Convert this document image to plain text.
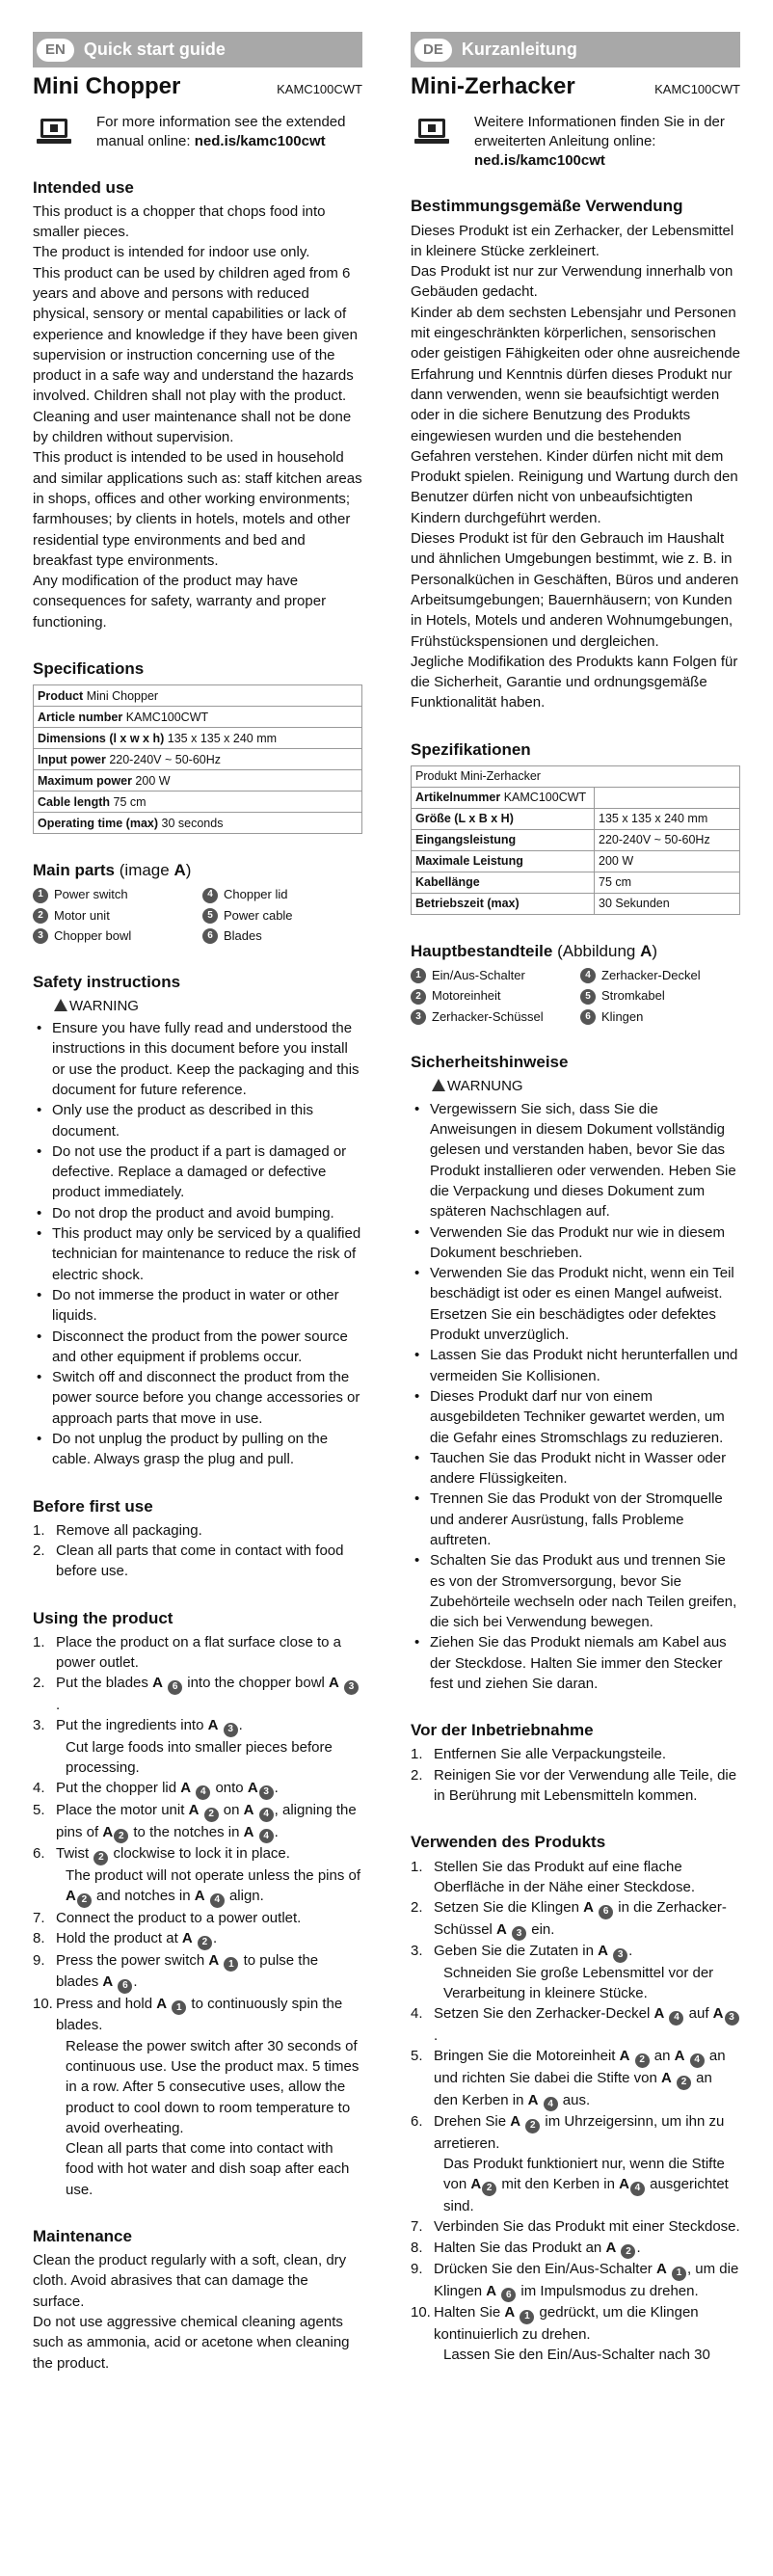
EN	Quick start guide
Mini Chopper	KAMC100CWT
For more information see the extended manual online: ned.is/kamc100cwt
Intended use

This product is a chopper that chops food into smaller pieces.

The product is intended for indoor use only.

This product can be used by children aged from 6 years and above and persons with reduced physical, sensory or mental capabilities or lack of experience and knowledge if they have been given supervision or instruction concerning use of the product in a safe way and understand the hazards involved. Children shall not play with the product. Cleaning and user maintenance shall not be done by children without supervision.

This product is intended to be used in household and similar applications such as: staff kitchen areas in shops, offices and other working environments; farmhouses; by clients in hotels, motels and other residential type environments and bed and breakfast type environments.

Any modification of the product may have consequences for safety, warranty and proper functioning.

Specifications
Product Mini Chopper
Article number KAMC100CWT
Dimensions (l x w x h) 135 x 135 x 240 mm
Input power 220-240V ~ 50-60Hz
Maximum power 200 W
Cable length 75 cm
Operating time (max) 30 seconds
Main parts (image A)
1 Power switch	4 Chopper lid
2 Motor unit	5 Power cable
3 Chopper bowl	6 Blades
Safety instructions
WARNING
• Ensure you have fully read and understood the instructions in this document before you install or use the product. Keep the packaging and this document for future reference.
• Only use the product as described in this document.
• Do not use the product if a part is damaged or defective. Replace a damaged or defective product immediately.
• Do not drop the product and avoid bumping.
• This product may only be serviced by a qualified technician for maintenance to reduce the risk of electric shock.
• Do not immerse the product in water or other liquids.
• Disconnect the product from the power source and other equipment if problems occur.
• Switch off and disconnect the product from the power source before you change accessories or approach parts that move in use.
• Do not unplug the product by pulling on the cable. Always grasp the plug and pull.
Before first use
1. Remove all packaging.
2. Clean all parts that come in contact with food before use.
Using the product
1. Place the product on a flat surface close to a power outlet.
2. Put the blades A 6 into the chopper bowl A 3.
3. Put the ingredients into A 3 .
Cut large foods into smaller pieces before processing.
4. Put the chopper lid A 4 onto A 3 .
5. Place the motor unit A 2 on A 4 , aligning the pins of A 2 to the notches in A 4 .
6. Twist 2 clockwise to lock it in place.
The product will not operate unless the pins of A 2 and notches in A 4 align.
7. Connect the product to a power outlet.
8. Hold the product at A 2 .
9. Press the power switch A 1 to pulse the blades A 6 .
10. Press and hold A 1 to continuously spin the blades.
Release the power switch after 30 seconds of continuous use. Use the product max. 5 times in a row. After 5 consecutive uses, allow the product to cool down to room temperature to avoid overheating.
Clean all parts that come into contact with food with hot water and dish soap after each use.
Maintenance

Clean the product regularly with a soft, clean, dry cloth. Avoid abrasives that can damage the surface.

Do not use aggressive chemical cleaning agents such as ammonia, acid or acetone when cleaning the product.

DE	Kurzanleitung
Mini-Zerhacker	KAMC100CWT
Weitere Informationen finden Sie in der erweiterten Anleitung online: ned.is/kamc100cwt
Bestimmungsgemäße Verwendung

Dieses Produkt ist ein Zerhacker, der Lebensmittel in kleinere Stücke zerkleinert.

Das Produkt ist nur zur Verwendung innerhalb von Gebäuden gedacht.

Kinder ab dem sechsten Lebensjahr und Personen mit eingeschränkten körperlichen, sensorischen oder geistigen Fähigkeiten oder ohne ausreichende Erfahrung und Kenntnis dürfen dieses Produkt nur dann verwenden, wenn sie beaufsichtigt werden oder in die sichere Benutzung des Produkts eingewiesen wurden und die bestehenden Gefahren verstehen. Kinder dürfen nicht mit dem Produkt spielen. Reinigung und Wartung durch den Benutzer dürfen nicht von unbeaufsichtigten Kindern durchgeführt werden.

Dieses Produkt ist für den Gebrauch im Haushalt und ähnlichen Umgebungen bestimmt, wie z. B. in Personalküchen in Geschäften, Büros und anderen Arbeitsumgebungen; Bauernhäusern; von Kunden in Hotels, Motels und anderen Wohnumgebungen, Frühstückspensionen und dergleichen.

Jegliche Modifikation des Produkts kann Folgen für die Sicherheit, Garantie und ordnungsgemäße Funktionalität haben.

Spezifikationen
Produkt Mini-Zerhacker	
Artikelnummer KAMC100CWT	
Größe (L x B x H)	135 x 135 x 240 mm
Eingangsleistung	220-240V ~ 50-60Hz
Maximale Leistung	200 W
Kabellänge	75 cm
Betriebszeit (max)	30 Sekunden
Hauptbestandteile (Abbildung A)
1 Ein/Aus-Schalter	4 Zerhacker-Deckel
2 Motoreinheit	5 Stromkabel
3 Zerhacker-Schüssel	6 Klingen
Sicherheitshinweise
WARNUNG
• Vergewissern Sie sich, dass Sie die Anweisungen in diesem Dokument vollständig gelesen und verstanden haben, bevor Sie das Produkt installieren oder verwenden. Heben Sie die Verpackung und dieses Dokument zum späteren Nachschlagen auf.
• Verwenden Sie das Produkt nur wie in diesem Dokument beschrieben.
• Verwenden Sie das Produkt nicht, wenn ein Teil beschädigt ist oder es einen Mangel aufweist. Ersetzen Sie ein beschädigtes oder defektes Produkt unverzüglich.
• Lassen Sie das Produkt nicht herunterfallen und vermeiden Sie Kollisionen.
• Dieses Produkt darf nur von einem ausgebildeten Techniker gewartet werden, um die Gefahr eines Stromschlags zu reduzieren.
• Tauchen Sie das Produkt nicht in Wasser oder andere Flüssigkeiten.
• Trennen Sie das Produkt von der Stromquelle und anderer Ausrüstung, falls Probleme auftreten.
• Schalten Sie das Produkt aus und trennen Sie es von der Stromversorgung, bevor Sie Zubehörteile wechseln oder nach Teilen greifen, die sich bei Verwendung bewegen.
• Ziehen Sie das Produkt niemals am Kabel aus der Steckdose. Halten Sie immer den Stecker fest und ziehen Sie daran.
Vor der Inbetriebnahme
1. Entfernen Sie alle Verpackungsteile.
2. Reinigen Sie vor der Verwendung alle Teile, die in Berührung mit Lebensmitteln kommen.
Verwenden des Produkts
1. Stellen Sie das Produkt auf eine flache Oberfläche in der Nähe einer Steckdose.
2. Setzen Sie die Klingen A 6 in die Zerhacker-Schüssel A 3 ein.
3. Geben Sie die Zutaten in A 3 .
Schneiden Sie große Lebensmittel vor der Verarbeitung in kleinere Stücke.
4. Setzen Sie den Zerhacker-Deckel A 4 auf A 3.
5. Bringen Sie die Motoreinheit A 2 an A 4 an und richten Sie dabei die Stifte von A 2 an den Kerben in A 4 aus.
6. Drehen Sie A 2 im Uhrzeigersinn, um ihn zu arretieren.
Das Produkt funktioniert nur, wenn die Stifte von A 2 mit den Kerben in A 4 ausgerichtet sind.
7. Verbinden Sie das Produkt mit einer Steckdose.
8. Halten Sie das Produkt an A 2 .
9. Drücken Sie den Ein/Aus-Schalter A 1 , um die Klingen A 6 im Impulsmodus zu drehen.
10. Halten Sie A 1 gedrückt, um die Klingen kontinuierlich zu drehen.
Lassen Sie den Ein/Aus-Schalter nach 30
